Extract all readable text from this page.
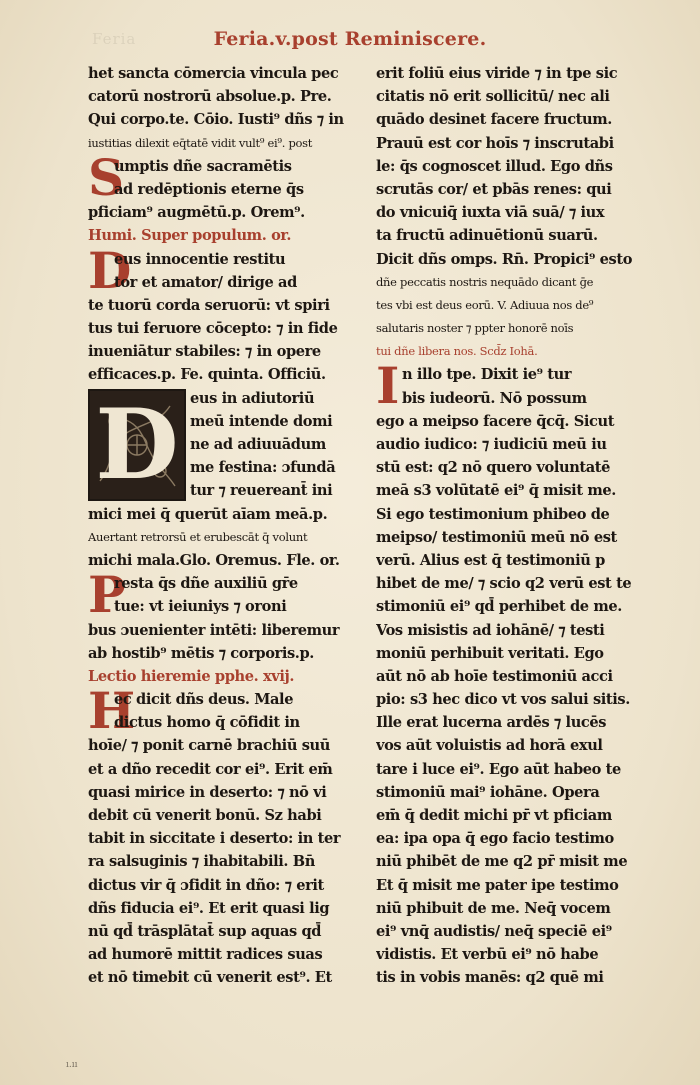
Feria	Feria.v.post Reminiscere.
het sancta cōmercia vincula pec
catorū nostrorū absolue.p. Pre.
Qui corpo.te. Cōio. Iusti⁹ dñs ⁊ in
iustitias dilexit eq̄tatē vidit vult⁹ ei⁹. post
S
umptis dñe sacramētis
ad redēptionis eterne q̄s
pficiam⁹ augmētū.p. Orem⁹.
Humi. Super populum. or.
D
eus innocentie restitu
tor et amator/ dirige ad
te tuorū corda seruorū: vt spiri
tus tui feruore cōcepto: ⁊ in fide
inueniātur stabiles: ⁊ in opere
efficaces.p. Fe. quinta. Officiū.
D eus in adiutoriū
meū intende domi
ne ad adiuuādum
me festina: ɔfundā
tur ⁊ reuereant̄ ini
mici mei q̄ querūt aīam meā.p.
Auertant retrorsū et erubescāt q̄ volunt
michi mala.Glo. Oremus. Fle. or.
P
resta q̄s dñe auxiliū gr̄e
tue: vt ieiuniys ⁊ oroni
bus ɔuenienter intēti: liberemur
ab hostib⁹ mētis ⁊ corporis.p.
Lectio hieremie pphe. xvij.
H
ec dicit dñs deus. Male
dictus homo q̄ cōfidit in
hoīe/ ⁊ ponit carnē brachiū suū
et a dño recedit cor ei⁹. Erit em̄
quasi mirice in deserto: ⁊ nō vi
debit cū venerit bonū. Sz habi
tabit in siccitate i deserto: in ter
ra salsuginis ⁊ ihabitabili. Bn̄
dictus vir q̄ ɔfidit in dño: ⁊ erit
dñs fiducia ei⁹. Et erit quasi lig
nū qd̄ trāsplātat̄ sup aquas qd̄
ad humorē mittit radices suas
et nō timebit cū venerit est⁹. Et
erit foliū eius viride ⁊ in tpe sic
citatis nō erit sollicitū/ nec ali
quādo desinet facere fructum.
Prauū est cor hoīs ⁊ inscrutabi
le: q̄s cognoscet illud. Ego dñs
scrutās cor/ et pbās renes: qui
do vnicuiq̄ iuxta viā suā/ ⁊ iux
ta fructū adinuētionū suarū.
Dicit dñs omps. Rn̄. Propici⁹ esto
dñe peccatis nostris nequādo dicant ḡe
tes vbi est deus eorū. V. Adiuua nos de⁹
salutaris noster ⁊ ppter honorē noīs
tui dñe libera nos. Scd̄z Iohā.
I n illo tpe. Dixit ie⁹ tur
bis iudeorū. Nō possum
ego a meipso facere q̄cq̄. Sicut
audio iudico: ⁊ iudiciū meū iu
stū est: q2 nō quero voluntatē
meā s3 volūtatē ei⁹ q̄ misit me.
Si ego testimonium phibeo de
meipso/ testimoniū meū nō est
verū. Alius est q̄ testimoniū p
hibet de me/ ⁊ scio q2 verū est te
stimoniū ei⁹ qd̄ perhibet de me.
Vos misistis ad iohānē/ ⁊ testi
moniū perhibuit veritati. Ego
aūt nō ab hoīe testimoniū acci
pio: s3 hec dico vt vos salui sitis.
Ille erat lucerna ardēs ⁊ lucēs
vos aūt voluistis ad horā exul
tare i luce ei⁹. Ego aūt habeo te
stimoniū mai⁹ iohāne. Opera
em̄ q̄ dedit michi pr̄ vt pficiam
ea: ipa opa q̄ ego facio testimo
niū phibēt de me q2 pr̄ misit me
Et q̄ misit me pater ipe testimo
niū phibuit de me. Neq̄ vocem
ei⁹ vnq̄ audistis/ neq̄ speciē ei⁹
vidistis. Et verbū ei⁹ nō habe
tis in vobis manēs: q2 quē mi
ı.ıı
